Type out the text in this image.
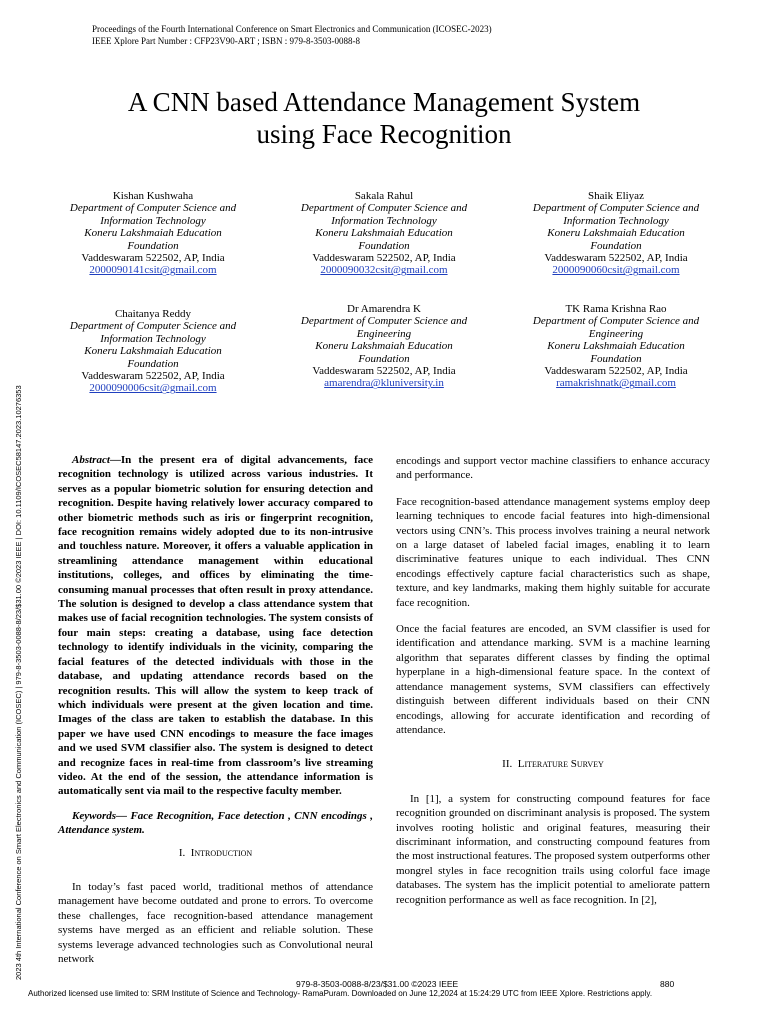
Proceedings of the Fourth International Conference on Smart Electronics and Communication (ICOSEC-2023)
IEEE Xplore Part Number : CFP23V90-ART ; ISBN : 979-8-3503-0088-8
A CNN based Attendance Management System
using Face Recognition
Kishan Kushwaha
Department of Computer Science and
Information Technology
Koneru Lakshmaiah Education
Foundation
Vaddeswaram 522502, AP, India
2000090141csit@gmail.com
Sakala Rahul
Department of Computer Science and
Information Technology
Koneru Lakshmaiah Education
Foundation
Vaddeswaram 522502, AP, India
2000090032csit@gmail.com
Shaik Eliyaz
Department of Computer Science and
Information Technology
Koneru Lakshmaiah Education
Foundation
Vaddeswaram 522502, AP, India
2000090060csit@gmail.com
Chaitanya Reddy
Department of Computer Science and
Information Technology
Koneru Lakshmaiah Education
Foundation
Vaddeswaram 522502, AP, India
2000090006csit@gmail.com
Dr Amarendra K
Department of Computer Science and
Engineering
Koneru Lakshmaiah Education
Foundation
Vaddeswaram 522502, AP, India
amarendra@kluniversity.in
TK Rama Krishna Rao
Department of Computer Science and
Engineering
Koneru Lakshmaiah Education
Foundation
Vaddeswaram 522502, AP, India
ramakrishnatk@gmail.com

Abstract—In the present era of digital advancements, face recognition technology is utilized across various industries. It serves as a popular biometric solution for ensuring detection and recognition. Despite having relatively lower accuracy compared to other biometric methods such as iris or fingerprint recognition, face recognition remains widely adopted due to its non-intrusive and touchless nature. Moreover, it offers a valuable application in streamlining attendance management within educational institutions, colleges, and offices by eliminating the time-consuming manual processes that often result in proxy attendance. The solution is designed to develop a class attendance system that makes use of facial recognition technologies. The system consists of four main steps: creating a database, using face detection technology to identify individuals in the vicinity, comparing the facial features of the detected individuals with those in the database, and updating attendance records based on the recognition results. This will allow the system to keep track of which individuals were present at the given location and time. Images of the class are taken to establish the database. In this paper we have used CNN encodings to measure the face images and we used SVM classifier also. The system is designed to detect and recognize faces in real-time from classroom’s live streaming video. At the end of the session, the attendance information is automatically sent via mail to the respective faculty member.

Keywords— Face Recognition, Face detection , CNN encodings , Attendance system.

I. Introduction

In today’s fast paced world, traditional methos of attendance management have become outdated and prone to errors. To overcome these challenges, face recognition-based attendance management systems have merged as an efficient and reliable solution. These systems leverage advanced technologies such as Convolutional neural network

encodings and support vector machine classifiers to enhance accuracy and performance.

Face recognition-based attendance management systems employ deep learning techniques to encode facial features into high-dimensional vectors using CNN’s. This process involves training a neural network on a large dataset of labeled facial images, enabling it to learn discriminative features unique to each individual. Thes CNN encodings effectively capture facial characteristics such as shape, texture, and key landmarks, making them highly suitable for accurate face recognition.

Once the facial features are encoded, an SVM classifier is used for identification and attendance marking. SVM is a machine learning algorithm that separates different classes by finding the optimal hyperplane in a high-dimensional feature space. In the context of attendance management systems, SVM classifiers can effectively distinguish between different individuals based on their CNN encodings, allowing for accurate identification and recording of attendance.

II. Literature Survey

In [1], a system for constructing compound features for face recognition grounded on discriminant analysis is proposed. The system involves rooting holistic and original features, measuring their discriminant information, and constructing compound features from the most instructional features. The proposed system outperforms other mongrel styles in face recognition trails using colorful face image databases. The system has the implicit potential to ameliorate pattern recognition performance as well as face recognition. In [2],

2023 4th International Conference on Smart Electronics and Communication (ICOSEC) | 979-8-3503-0088-8/23/$31.00 ©2023 IEEE | DOI: 10.1109/ICOSEC58147.2023.10276353
979-8-3503-0088-8/23/$31.00 ©2023 IEEE	880
Authorized licensed use limited to: SRM Institute of Science and Technology- RamaPuram. Downloaded on June 12,2024 at 15:24:29 UTC from IEEE Xplore. Restrictions apply.
